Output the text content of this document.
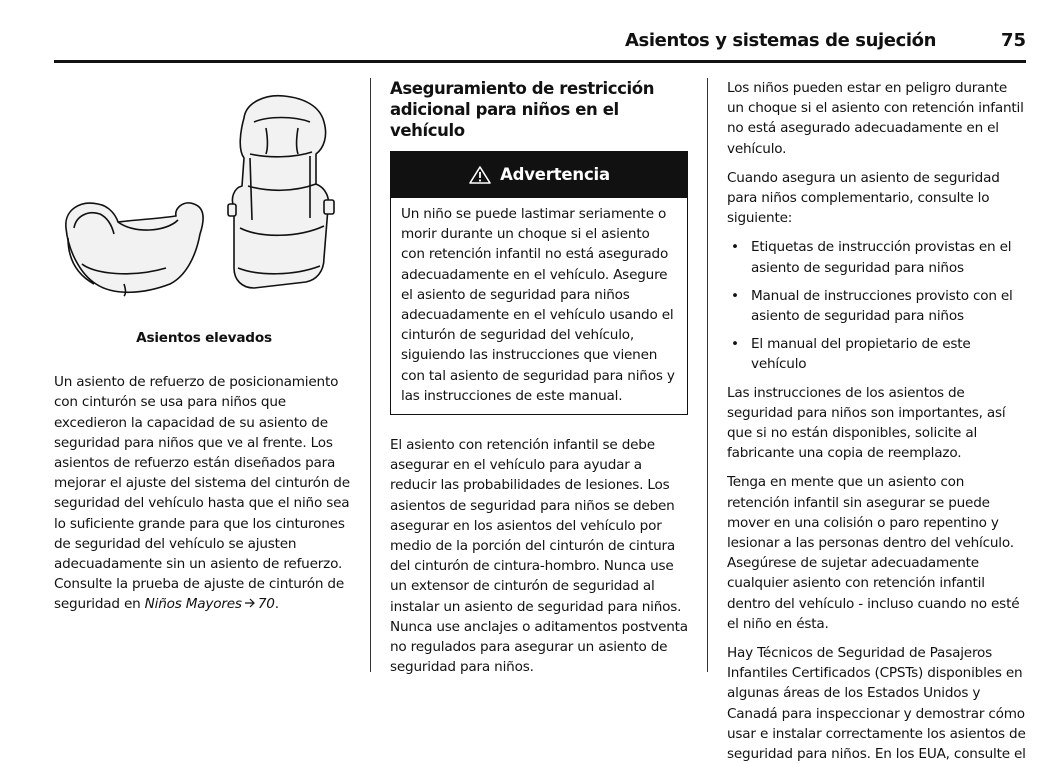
Asientos y sistemas de sujeción	75
Asientos elevados

Un asiento de refuerzo de posicionamiento con cinturón se usa para niños que excedieron la capacidad de su asiento de seguridad para niños que ve al frente. Los asientos de refuerzo están diseñados para mejorar el ajuste del sistema del cinturón de seguridad del vehículo hasta que el niño sea lo suficiente grande para que los cinturones de seguridad del vehículo se ajusten adecuadamente sin un asiento de refuerzo. Consulte la prueba de ajuste de cinturón de seguridad en Niños Mayores 70.

Aseguramiento de restricción adicional para niños en el vehículo
Advertencia
Un niño se puede lastimar seriamente o morir durante un choque si el asiento con retención infantil no está asegurado adecuadamente en el vehículo. Asegure el asiento de seguridad para niños adecuadamente en el vehículo usando el cinturón de seguridad del vehículo, siguiendo las instrucciones que vienen con tal asiento de seguridad para niños y las instrucciones de este manual.

El asiento con retención infantil se debe asegurar en el vehículo para ayudar a reducir las probabilidades de lesiones. Los asientos de seguridad para niños se deben asegurar en los asientos del vehículo por medio de la porción del cinturón de cintura del cinturón de cintura-hombro. Nunca use un extensor de cinturón de seguridad al instalar un asiento de seguridad para niños. Nunca use anclajes o aditamentos postventa no regulados para asegurar un asiento de seguridad para niños.

Los niños pueden estar en peligro durante un choque si el asiento con retención infantil no está asegurado adecuadamente en el vehículo.

Cuando asegura un asiento de seguridad para niños complementario, consulte lo siguiente:

• Etiquetas de instrucción provistas en el asiento de seguridad para niños
• Manual de instrucciones provisto con el asiento de seguridad para niños
• El manual del propietario de este vehículo

Las instrucciones de los asientos de seguridad para niños son importantes, así que si no están disponibles, solicite al fabricante una copia de reemplazo.

Tenga en mente que un asiento con retención infantil sin asegurar se puede mover en una colisión o paro repentino y lesionar a las personas dentro del vehículo. Asegúrese de sujetar adecuadamente cualquier asiento con retención infantil dentro del vehículo - incluso cuando no esté el niño en ésta.

Hay Técnicos de Seguridad de Pasajeros Infantiles Certificados (CPSTs) disponibles en algunas áreas de los Estados Unidos y Canadá para inspeccionar y demostrar cómo usar e instalar correctamente los asientos de seguridad para niños. En los EUA, consulte el
